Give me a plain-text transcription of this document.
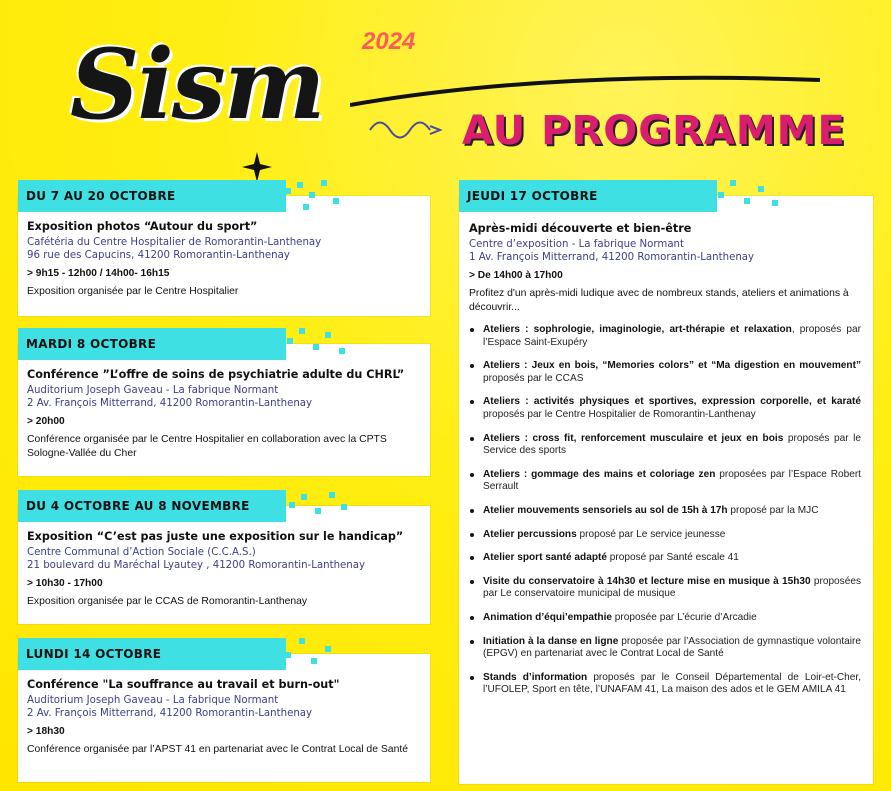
Sism 2024
AU PROGRAMME
DU 7 AU 20 OCTOBRE
Exposition photos “Autour du sport”
Cafétéria du Centre Hospitalier de Romorantin-Lanthenay
96 rue des Capucins, 41200 Romorantin-Lanthenay
> 9h15 - 12h00 / 14h00- 16h15
Exposition organisée par le Centre Hospitalier
MARDI 8 OCTOBRE
Conférence ”L’offre de soins de psychiatrie adulte du CHRL”
Auditorium Joseph Gaveau - La fabrique Normant
2 Av. François Mitterrand, 41200 Romorantin-Lanthenay
> 20h00
Conférence organisée par le Centre Hospitalier en collaboration avec la CPTS Sologne-Vallée du Cher
DU 4 OCTOBRE AU 8 NOVEMBRE
Exposition “C’est pas juste une exposition sur le handicap”
Centre Communal d’Action Sociale (C.C.A.S.)
21 boulevard du Maréchal Lyautey , 41200 Romorantin-Lanthenay
> 10h30 - 17h00
Exposition organisée par le CCAS de Romorantin-Lanthenay
LUNDI 14 OCTOBRE
Conférence "La souffrance au travail et burn-out"
Auditorium Joseph Gaveau - La fabrique Normant
2 Av. François Mitterrand, 41200 Romorantin-Lanthenay
> 18h30
Conférence organisée par l’APST 41 en partenariat avec le Contrat Local de Santé
JEUDI 17 OCTOBRE
Après-midi découverte et bien-être
Centre d’exposition - La fabrique Normant
1 Av. François Mitterrand, 41200 Romorantin-Lanthenay
> De 14h00 à 17h00
Profitez d'un après-midi ludique avec de nombreux stands, ateliers et animations à découvrir...
Ateliers : sophrologie, imaginologie, art-thérapie et relaxation, proposés par l’Espace Saint-Exupéry
Ateliers : Jeux en bois, “Memories colors” et “Ma digestion en mouvement” proposés par le CCAS
Ateliers : activités physiques et sportives, expression corporelle, et karaté proposés par le Centre Hospitalier de Romorantin-Lanthenay
Ateliers : cross fit, renforcement musculaire et jeux en bois proposés par le Service des sports
Ateliers : gommage des mains et coloriage zen proposées par l’Espace Robert Serrault
Atelier mouvements sensoriels au sol de 15h à 17h proposé par la MJC
Atelier percussions proposé par Le service jeunesse
Atelier sport santé adapté proposé par Santé escale 41
Visite du conservatoire à 14h30 et lecture mise en musique à 15h30 proposées par Le conservatoire municipal de musique
Animation d’équi’empathie proposée par L’écurie d’Arcadie
Initiation à la danse en ligne proposée par l’Association de gymnastique volontaire (EPGV) en partenariat avec le Contrat Local de Santé
Stands d’information proposés par le Conseil Départemental de Loir-et-Cher, l’UFOLEP, Sport en tête, l’UNAFAM 41, La maison des ados et le GEM AMILA 41
